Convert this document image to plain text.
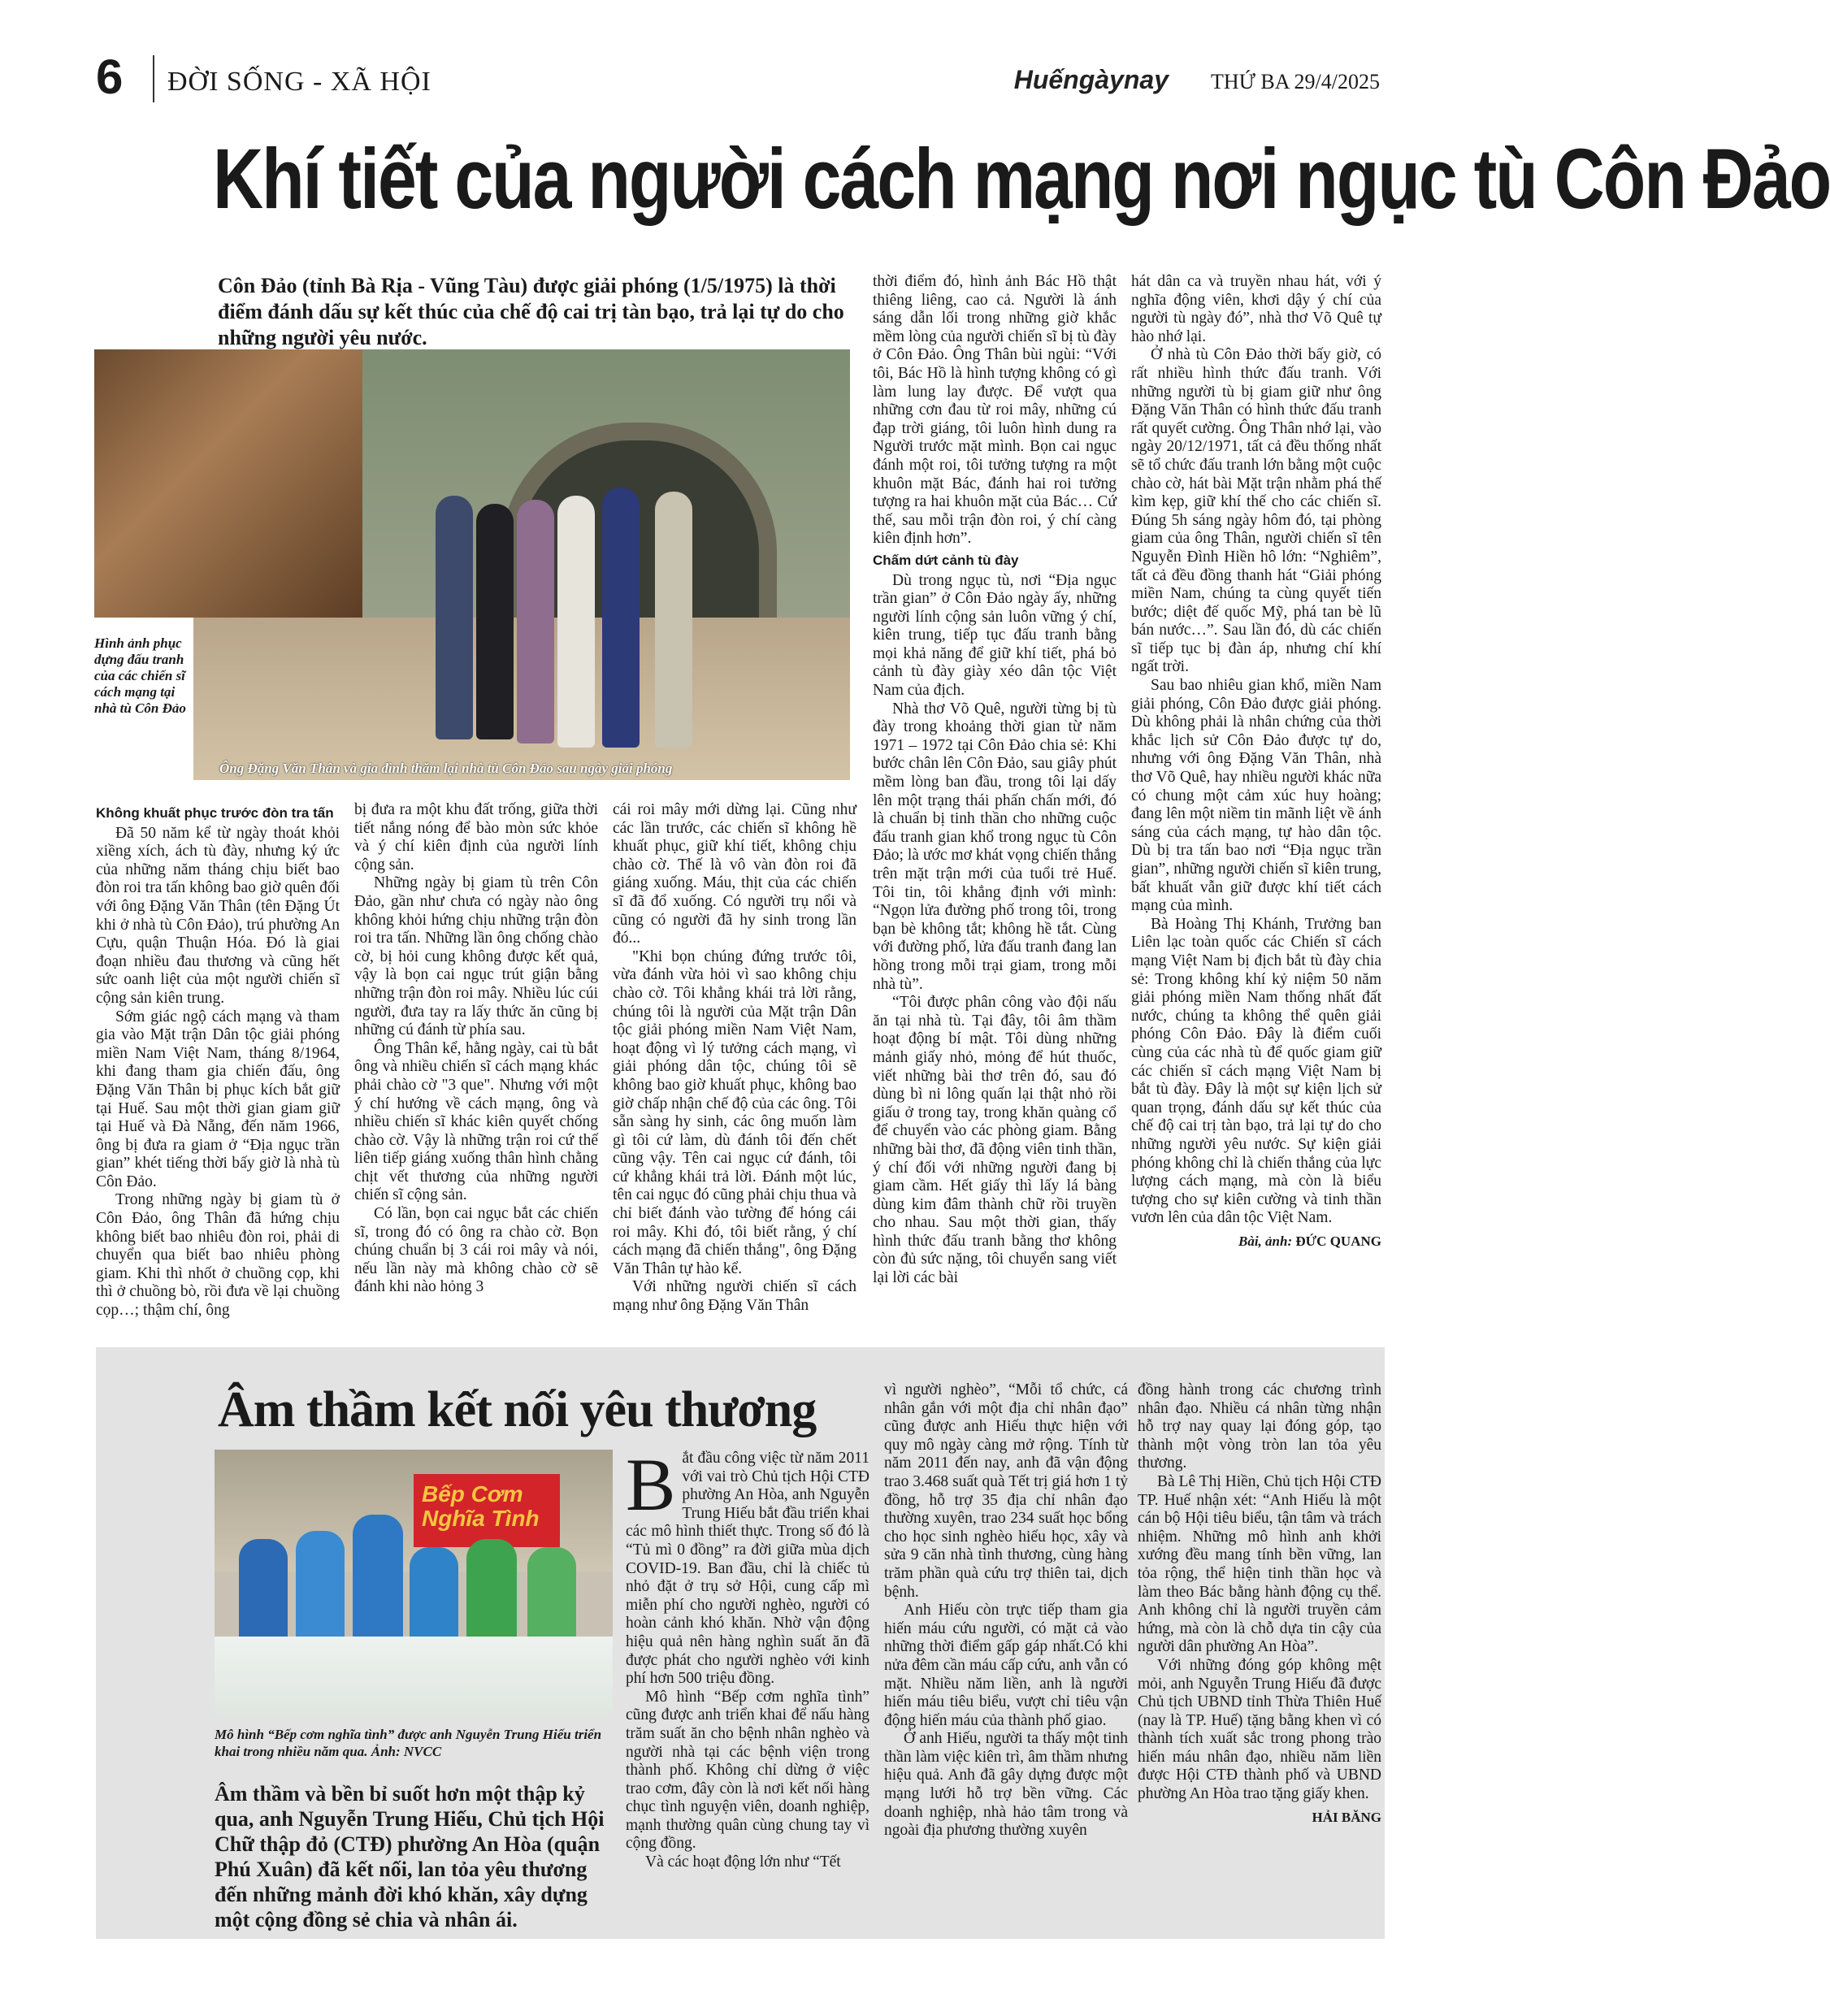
6 ĐỜI SỐNG - XÃ HỘI	Huếngàynay THỨ BA 29/4/2025
Khí tiết của người cách mạng nơi ngục tù Côn Đảo
Côn Đảo (tỉnh Bà Rịa - Vũng Tàu) được giải phóng (1/5/1975) là thời điểm đánh dấu sự kết thúc của chế độ cai trị tàn bạo, trả lại tự do cho những người yêu nước.
Hình ảnh phục dựng đấu tranh của các chiến sĩ cách mạng tại nhà tù Côn Đảo
Ông Đặng Văn Thân và gia đình thăm lại nhà tù Côn Đảo sau ngày giải phóng
Không khuất phục trước đòn tra tấn

Đã 50 năm kể từ ngày thoát khỏi xiềng xích, ách tù đày, nhưng ký ức của những năm tháng chịu biết bao đòn roi tra tấn không bao giờ quên đối với ông Đặng Văn Thân (tên Đặng Út khi ở nhà tù Côn Đảo), trú phường An Cựu, quận Thuận Hóa. Đó là giai đoạn nhiều đau thương và cũng hết sức oanh liệt của một người chiến sĩ cộng sản kiên trung.

Sớm giác ngộ cách mạng và tham gia vào Mặt trận Dân tộc giải phóng miền Nam Việt Nam, tháng 8/1964, khi đang tham gia chiến đấu, ông Đặng Văn Thân bị phục kích bắt giữ tại Huế. Sau một thời gian giam giữ tại Huế và Đà Nẵng, đến năm 1966, ông bị đưa ra giam ở “Địa ngục trần gian” khét tiếng thời bấy giờ là nhà tù Côn Đảo.

Trong những ngày bị giam tù ở Côn Đảo, ông Thân đã hứng chịu không biết bao nhiêu đòn roi, phải di chuyển qua biết bao nhiêu phòng giam. Khi thì nhốt ở chuồng cọp, khi thì ở chuồng bò, rồi đưa về lại chuồng cọp…; thậm chí, ông

bị đưa ra một khu đất trống, giữa thời tiết nắng nóng để bào mòn sức khỏe và ý chí kiên định của người lính cộng sản.

Những ngày bị giam tù trên Côn Đảo, gần như chưa có ngày nào ông không khỏi hứng chịu những trận đòn roi tra tấn. Những lần ông chống chào cờ, bị hỏi cung không được kết quả, vậy là bọn cai ngục trút giận bằng những trận đòn roi mây. Nhiều lúc cúi người, đưa tay ra lấy thức ăn cũng bị những cú đánh từ phía sau.

Ông Thân kể, hằng ngày, cai tù bắt ông và nhiều chiến sĩ cách mạng khác phải chào cờ "3 que". Nhưng với một ý chí hướng về cách mạng, ông và nhiều chiến sĩ khác kiên quyết chống chào cờ. Vậy là những trận roi cứ thế liên tiếp giáng xuống thân hình chằng chịt vết thương của những người chiến sĩ cộng sản.

Có lần, bọn cai ngục bắt các chiến sĩ, trong đó có ông ra chào cờ. Bọn chúng chuẩn bị 3 cái roi mây và nói, nếu lần này mà không chào cờ sẽ đánh khi nào hỏng 3

cái roi mây mới dừng lại. Cũng như các lần trước, các chiến sĩ không hề khuất phục, giữ khí tiết, không chịu chào cờ. Thế là vô vàn đòn roi đã giáng xuống. Máu, thịt của các chiến sĩ đã đổ xuống. Có người trụ nổi và cũng có người đã hy sinh trong lần đó...

"Khi bọn chúng đứng trước tôi, vừa đánh vừa hỏi vì sao không chịu chào cờ. Tôi khẳng khái trả lời rằng, chúng tôi là người của Mặt trận Dân tộc giải phóng miền Nam Việt Nam, hoạt động vì lý tưởng cách mạng, vì giải phóng dân tộc, chúng tôi sẽ không bao giờ khuất phục, không bao giờ chấp nhận chế độ của các ông. Tôi sẵn sàng hy sinh, các ông muốn làm gì tôi cứ làm, dù đánh tôi đến chết cũng vậy. Tên cai ngục cứ đánh, tôi cứ khẳng khái trả lời. Đánh một lúc, tên cai ngục đó cũng phải chịu thua và chỉ biết đánh vào tường để hóng cái roi mây. Khi đó, tôi biết rằng, ý chí cách mạng đã chiến thắng", ông Đặng Văn Thân tự hào kể.

Với những người chiến sĩ cách mạng như ông Đặng Văn Thân

thời điểm đó, hình ảnh Bác Hồ thật thiêng liêng, cao cả. Người là ánh sáng dẫn lối trong những giờ khắc mềm lòng của người chiến sĩ bị tù đày ở Côn Đảo. Ông Thân bùi ngùi: “Với tôi, Bác Hồ là hình tượng không có gì làm lung lay được. Để vượt qua những cơn đau từ roi mây, những cú đạp trời giáng, tôi luôn hình dung ra Người trước mặt mình. Bọn cai ngục đánh một roi, tôi tưởng tượng ra một khuôn mặt Bác, đánh hai roi tưởng tượng ra hai khuôn mặt của Bác… Cứ thế, sau mỗi trận đòn roi, ý chí càng kiên định hơn”.

Chấm dứt cảnh tù đày

Dù trong ngục tù, nơi “Địa ngục trần gian” ở Côn Đảo ngày ấy, những người lính cộng sản luôn vững ý chí, kiên trung, tiếp tục đấu tranh bằng mọi khả năng để giữ khí tiết, phá bỏ cảnh tù đày giày xéo dân tộc Việt Nam của địch.

Nhà thơ Võ Quê, người từng bị tù đày trong khoảng thời gian từ năm 1971 – 1972 tại Côn Đảo chia sẻ: Khi bước chân lên Côn Đảo, sau giây phút mềm lòng ban đầu, trong tôi lại dấy lên một trạng thái phấn chấn mới, đó là chuẩn bị tinh thần cho những cuộc đấu tranh gian khổ trong ngục tù Côn Đảo; là ước mơ khát vọng chiến thắng trên mặt trận mới của tuổi trẻ Huế. Tôi tin, tôi khẳng định với mình: “Ngọn lửa đường phố trong tôi, trong bạn bè không tắt; không hề tắt. Cùng với đường phố, lửa đấu tranh đang lan hồng trong mỗi trại giam, trong mỗi nhà tù”.

“Tôi được phân công vào đội nấu ăn tại nhà tù. Tại đây, tôi âm thầm hoạt động bí mật. Tôi dùng những mảnh giấy nhỏ, mỏng để hút thuốc, viết những bài thơ trên đó, sau đó dùng bì ni lông quấn lại thật nhỏ rồi giấu ở trong tay, trong khăn quàng cổ để chuyển vào các phòng giam. Bằng những bài thơ, đã động viên tinh thần, ý chí đối với những người đang bị giam cầm. Hết giấy thì lấy lá bàng dùng kim đâm thành chữ rồi truyền cho nhau. Sau một thời gian, thấy hình thức đấu tranh bằng thơ không còn đủ sức nặng, tôi chuyển sang viết lại lời các bài

hát dân ca và truyền nhau hát, với ý nghĩa động viên, khơi dậy ý chí của người tù ngày đó”, nhà thơ Võ Quê tự hào nhớ lại.

Ở nhà tù Côn Đảo thời bấy giờ, có rất nhiều hình thức đấu tranh. Với những người tù bị giam giữ như ông Đặng Văn Thân có hình thức đấu tranh rất quyết cường. Ông Thân nhớ lại, vào ngày 20/12/1971, tất cả đều thống nhất sẽ tổ chức đấu tranh lớn bằng một cuộc chào cờ, hát bài Mặt trận nhằm phá thế kìm kẹp, giữ khí thế cho các chiến sĩ. Đúng 5h sáng ngày hôm đó, tại phòng giam của ông Thân, người chiến sĩ tên Nguyễn Đình Hiền hô lớn: “Nghiêm”, tất cả đều đồng thanh hát “Giải phóng miền Nam, chúng ta cùng quyết tiến bước; diệt đế quốc Mỹ, phá tan bè lũ bán nước…”. Sau lần đó, dù các chiến sĩ tiếp tục bị đàn áp, nhưng chí khí ngất trời.

Sau bao nhiêu gian khổ, miền Nam giải phóng, Côn Đảo được giải phóng. Dù không phải là nhân chứng của thời khắc lịch sử Côn Đảo được tự do, nhưng với ông Đặng Văn Thân, nhà thơ Võ Quê, hay nhiều người khác nữa có chung một cảm xúc huy hoàng; đang lên một niềm tin mãnh liệt về ánh sáng của cách mạng, tự hào dân tộc. Dù bị tra tấn bao nơi “Địa ngục trần gian”, những người chiến sĩ kiên trung, bất khuất vẫn giữ được khí tiết cách mạng của mình.

Bà Hoàng Thị Khánh, Trưởng ban Liên lạc toàn quốc các Chiến sĩ cách mạng Việt Nam bị địch bắt tù đày chia sẻ: Trong không khí kỷ niệm 50 năm giải phóng miền Nam thống nhất đất nước, chúng ta không thể quên giải phóng Côn Đảo. Đây là điểm cuối cùng của các nhà tù để quốc giam giữ các chiến sĩ cách mạng Việt Nam bị bắt tù đày. Đây là một sự kiện lịch sử quan trọng, đánh dấu sự kết thúc của chế độ cai trị tàn bạo, trả lại tự do cho những người yêu nước. Sự kiện giải phóng không chỉ là chiến thắng của lực lượng cách mạng, mà còn là biểu tượng cho sự kiên cường và tinh thần vươn lên của dân tộc Việt Nam.

Bài, ảnh: ĐỨC QUANG
Âm thầm kết nối yêu thương
Bếp Cơm Nghĩa Tình
Mô hình “Bếp cơm nghĩa tình” được anh Nguyễn Trung Hiếu triển khai trong nhiều năm qua. Ảnh: NVCC
Âm thầm và bền bỉ suốt hơn một thập kỷ qua, anh Nguyễn Trung Hiếu, Chủ tịch Hội Chữ thập đỏ (CTĐ) phường An Hòa (quận Phú Xuân) đã kết nối, lan tỏa yêu thương đến những mảnh đời khó khăn, xây dựng một cộng đồng sẻ chia và nhân ái.

Bắt đầu công việc từ năm 2011 với vai trò Chủ tịch Hội CTĐ phường An Hòa, anh Nguyễn Trung Hiếu bắt đầu triển khai các mô hình thiết thực. Trong số đó là “Tủ mì 0 đồng” ra đời giữa mùa dịch COVID-19. Ban đầu, chỉ là chiếc tủ nhỏ đặt ở trụ sở Hội, cung cấp mì miễn phí cho người nghèo, người có hoàn cảnh khó khăn. Nhờ vận động hiệu quả nên hàng nghìn suất ăn đã được phát cho người nghèo với kinh phí hơn 500 triệu đồng.

Mô hình “Bếp cơm nghĩa tình” cũng được anh triển khai để nấu hàng trăm suất ăn cho bệnh nhân nghèo và người nhà tại các bệnh viện trong thành phố. Không chỉ dừng ở việc trao cơm, đây còn là nơi kết nối hàng chục tình nguyện viên, doanh nghiệp, mạnh thường quân cùng chung tay vì cộng đồng.

Và các hoạt động lớn như “Tết

vì người nghèo”, “Mỗi tổ chức, cá nhân gắn với một địa chỉ nhân đạo” cũng được anh Hiếu thực hiện với quy mô ngày càng mở rộng. Tính từ năm 2011 đến nay, anh đã vận động trao 3.468 suất quà Tết trị giá hơn 1 tỷ đồng, hỗ trợ 35 địa chỉ nhân đạo thường xuyên, trao 234 suất học bổng cho học sinh nghèo hiếu học, xây và sửa 9 căn nhà tình thương, cùng hàng trăm phần quà cứu trợ thiên tai, dịch bệnh.

Anh Hiếu còn trực tiếp tham gia hiến máu cứu người, có mặt cả vào những thời điểm gấp gáp nhất.Có khi nửa đêm cần máu cấp cứu, anh vẫn có mặt. Nhiều năm liền, anh là người hiến máu tiêu biểu, vượt chỉ tiêu vận động hiến máu của thành phố giao.

Ở anh Hiếu, người ta thấy một tinh thần làm việc kiên trì, âm thầm nhưng hiệu quả. Anh đã gây dựng được một mạng lưới hỗ trợ bền vững. Các doanh nghiệp, nhà hảo tâm trong và ngoài địa phương thường xuyên

đồng hành trong các chương trình nhân đạo. Nhiều cá nhân từng nhận hỗ trợ nay quay lại đóng góp, tạo thành một vòng tròn lan tỏa yêu thương.

Bà Lê Thị Hiền, Chủ tịch Hội CTĐ TP. Huế nhận xét: “Anh Hiếu là một cán bộ Hội tiêu biểu, tận tâm và trách nhiệm. Những mô hình anh khởi xướng đều mang tính bền vững, lan tỏa rộng, thể hiện tinh thần học và làm theo Bác bằng hành động cụ thể. Anh không chỉ là người truyền cảm hứng, mà còn là chỗ dựa tin cậy của người dân phường An Hòa”.

Với những đóng góp không mệt mỏi, anh Nguyễn Trung Hiếu đã được Chủ tịch UBND tỉnh Thừa Thiên Huế (nay là TP. Huế) tặng bằng khen vì có thành tích xuất sắc trong phong trào hiến máu nhân đạo, nhiều năm liền được Hội CTĐ thành phố và UBND phường An Hòa trao tặng giấy khen.

HẢI BĂNG
